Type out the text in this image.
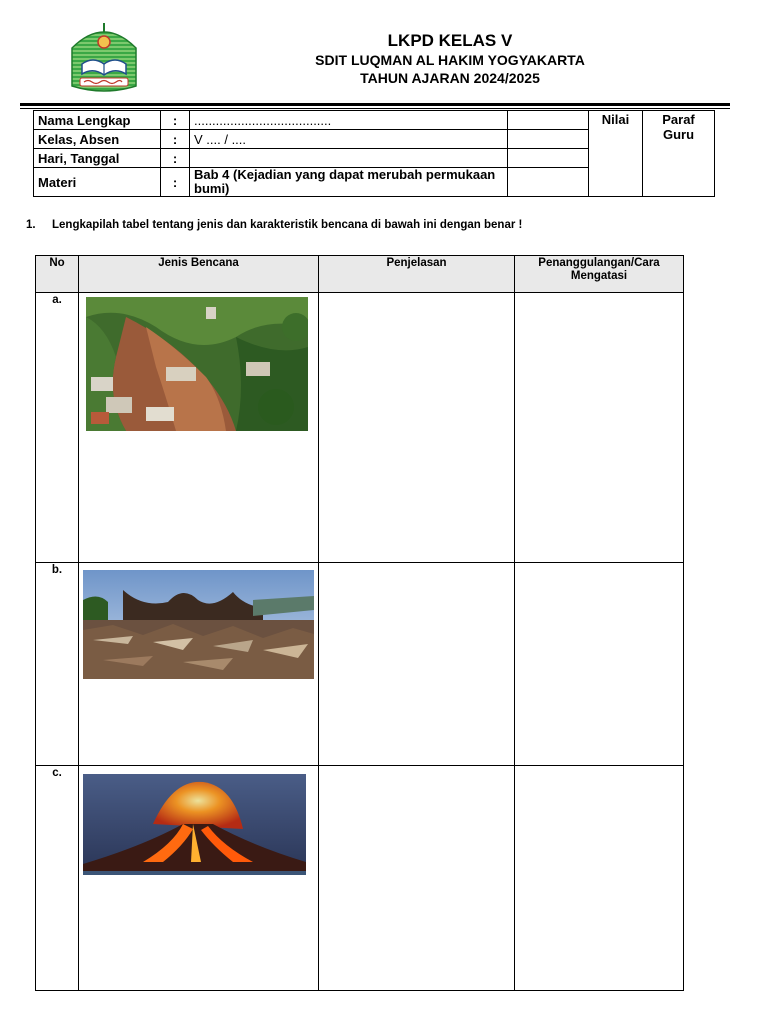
LKPD KELAS V
SDIT LUQMAN AL HAKIM YOGYAKARTA
TAHUN AJARAN 2024/2025
Nama Lengkap	:	......................................		Nilai	Paraf Guru
Kelas, Absen	:	V .... / ....			
Hari, Tanggal	:				
Materi	:	Bab 4 (Kejadian yang dapat merubah permukaan bumi)			
1. Lengkapilah tabel tentang jenis dan karakteristik bencana di bawah ini dengan benar !
No	Jenis Bencana	Penjelasan	Penanggulangan/Cara Mengatasi
a.	

b.	

c.	
